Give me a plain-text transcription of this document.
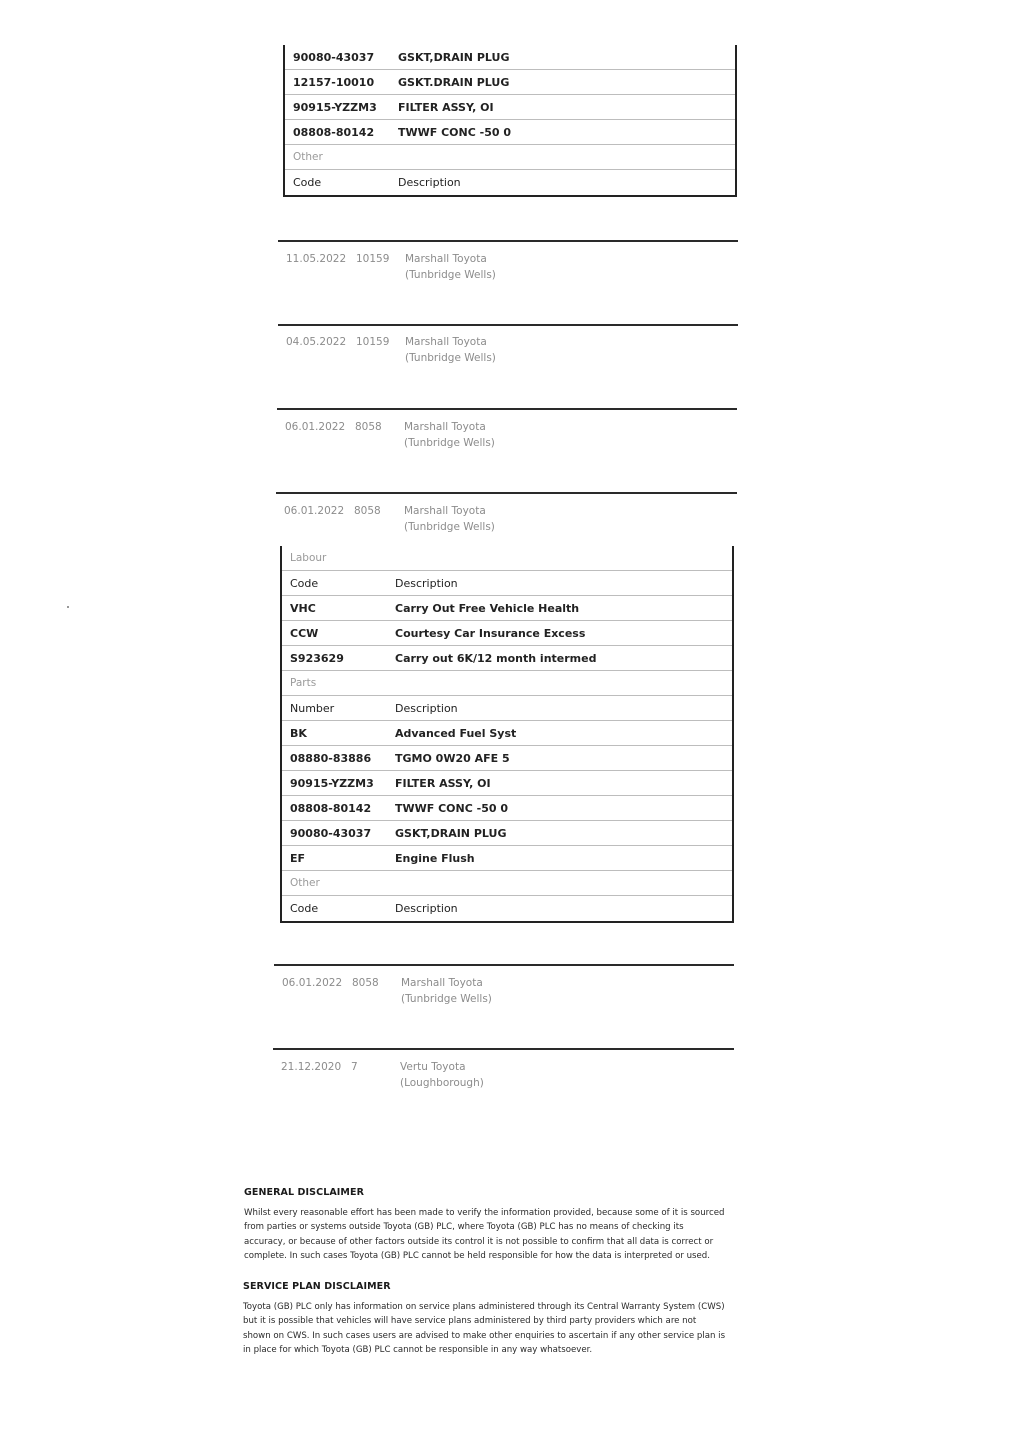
90080-43037	GSKT,DRAIN PLUG
12157-10010	GSKT.DRAIN PLUG
90915-YZZM3	FILTER ASSY, OI
08808-80142	TWWF CONC -50 0
Other
Code	Description
11.05.2022 10159 Marshall Toyota
(Tunbridge Wells)
04.05.2022 10159 Marshall Toyota
(Tunbridge Wells)
06.01.2022 8058 Marshall Toyota
(Tunbridge Wells)
06.01.2022 8058 Marshall Toyota
(Tunbridge Wells)
Labour
Code	Description
VHC	Carry Out Free Vehicle Health
CCW	Courtesy Car Insurance Excess
S923629	Carry out 6K/12 month intermed
Parts
Number	Description
BK	Advanced Fuel Syst
08880-83886	TGMO 0W20 AFE 5
90915-YZZM3	FILTER ASSY, OI
08808-80142	TWWF CONC -50 0
90080-43037	GSKT,DRAIN PLUG
EF	Engine Flush
Other
Code	Description
06.01.2022 8058 Marshall Toyota
(Tunbridge Wells)
21.12.2020 7	Vertu Toyota
(Loughborough)
GENERAL DISCLAIMER
Whilst every reasonable effort has been made to verify the information provided, because some of it is sourced
from parties or systems outside Toyota (GB) PLC, where Toyota (GB) PLC has no means of checking its
accuracy, or because of other factors outside its control it is not possible to confirm that all data is correct or
complete. In such cases Toyota (GB) PLC cannot be held responsible for how the data is interpreted or used.
SERVICE PLAN DISCLAIMER
Toyota (GB) PLC only has information on service plans administered through its Central Warranty System (CWS)
but it is possible that vehicles will have service plans administered by third party providers which are not
shown on CWS. In such cases users are advised to make other enquiries to ascertain if any other service plan is
in place for which Toyota (GB) PLC cannot be responsible in any way whatsoever.
